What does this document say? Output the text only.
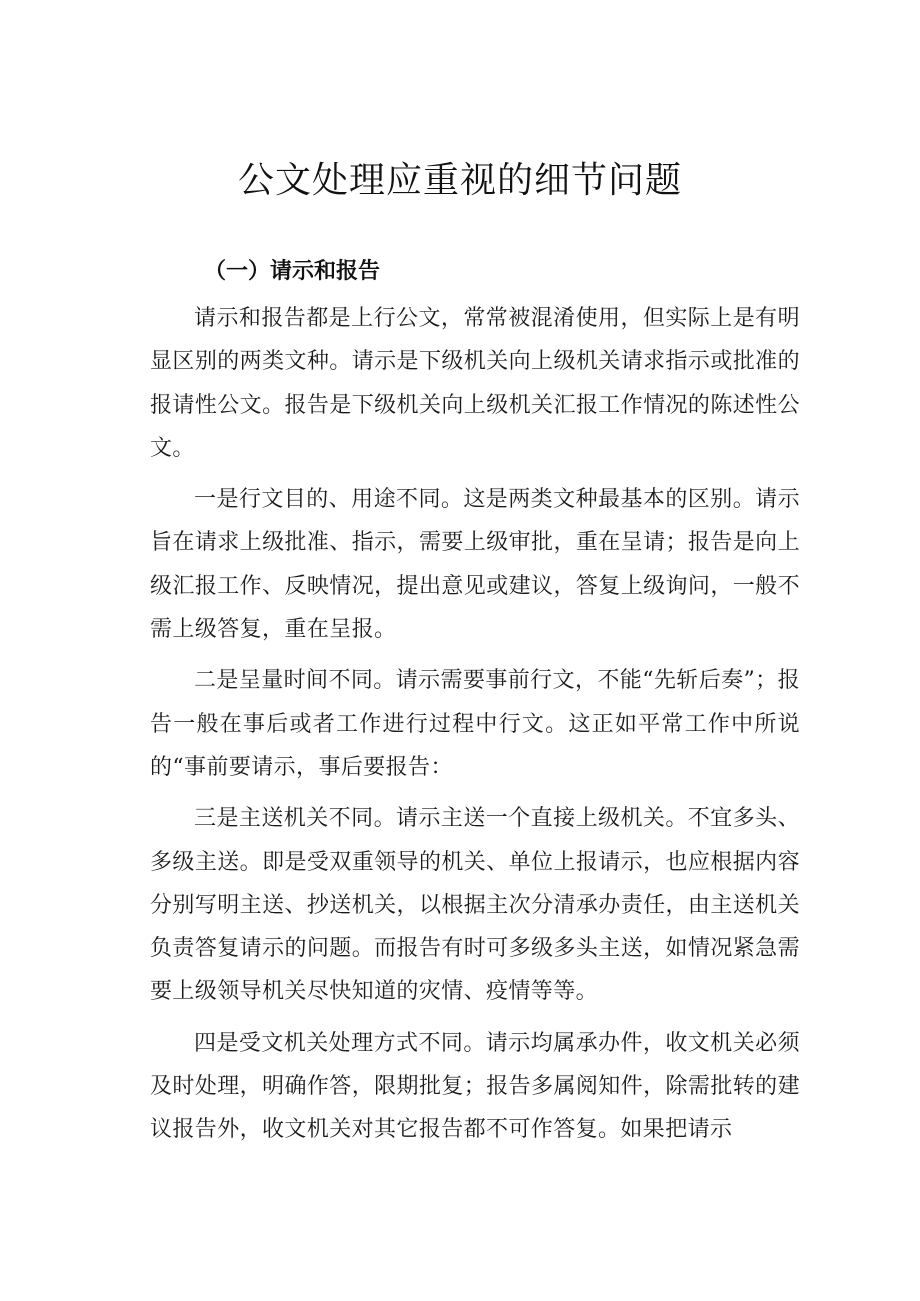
公文处理应重视的细节问题
（一）请示和报告

请示和报告都是上行公文，常常被混淆使用，但实际上是有明显区别的两类文种。请示是下级机关向上级机关请求指示或批准的报请性公文。报告是下级机关向上级机关汇报工作情况的陈述性公文。

一是行文目的、用途不同。这是两类文种最基本的区别。请示旨在请求上级批准、指示，需要上级审批，重在呈请；报告是向上级汇报工作、反映情况，提出意见或建议，答复上级询问，一般不需上级答复，重在呈报。

二是呈量时间不同。请示需要事前行文，不能“先斩后奏”；报告一般在事后或者工作进行过程中行文。这正如平常工作中所说的“事前要请示，事后要报告：

三是主送机关不同。请示主送一个直接上级机关。不宜多头、多级主送。即是受双重领导的机关、单位上报请示，也应根据内容分别写明主送、抄送机关，以根据主次分清承办责任，由主送机关负责答复请示的问题。而报告有时可多级多头主送，如情况紧急需要上级领导机关尽快知道的灾情、疫情等等。

四是受文机关处理方式不同。请示均属承办件，收文机关必须及时处理，明确作答，限期批复；报告多属阅知件，除需批转的建议报告外，收文机关对其它报告都不可作答复。如果把请示
